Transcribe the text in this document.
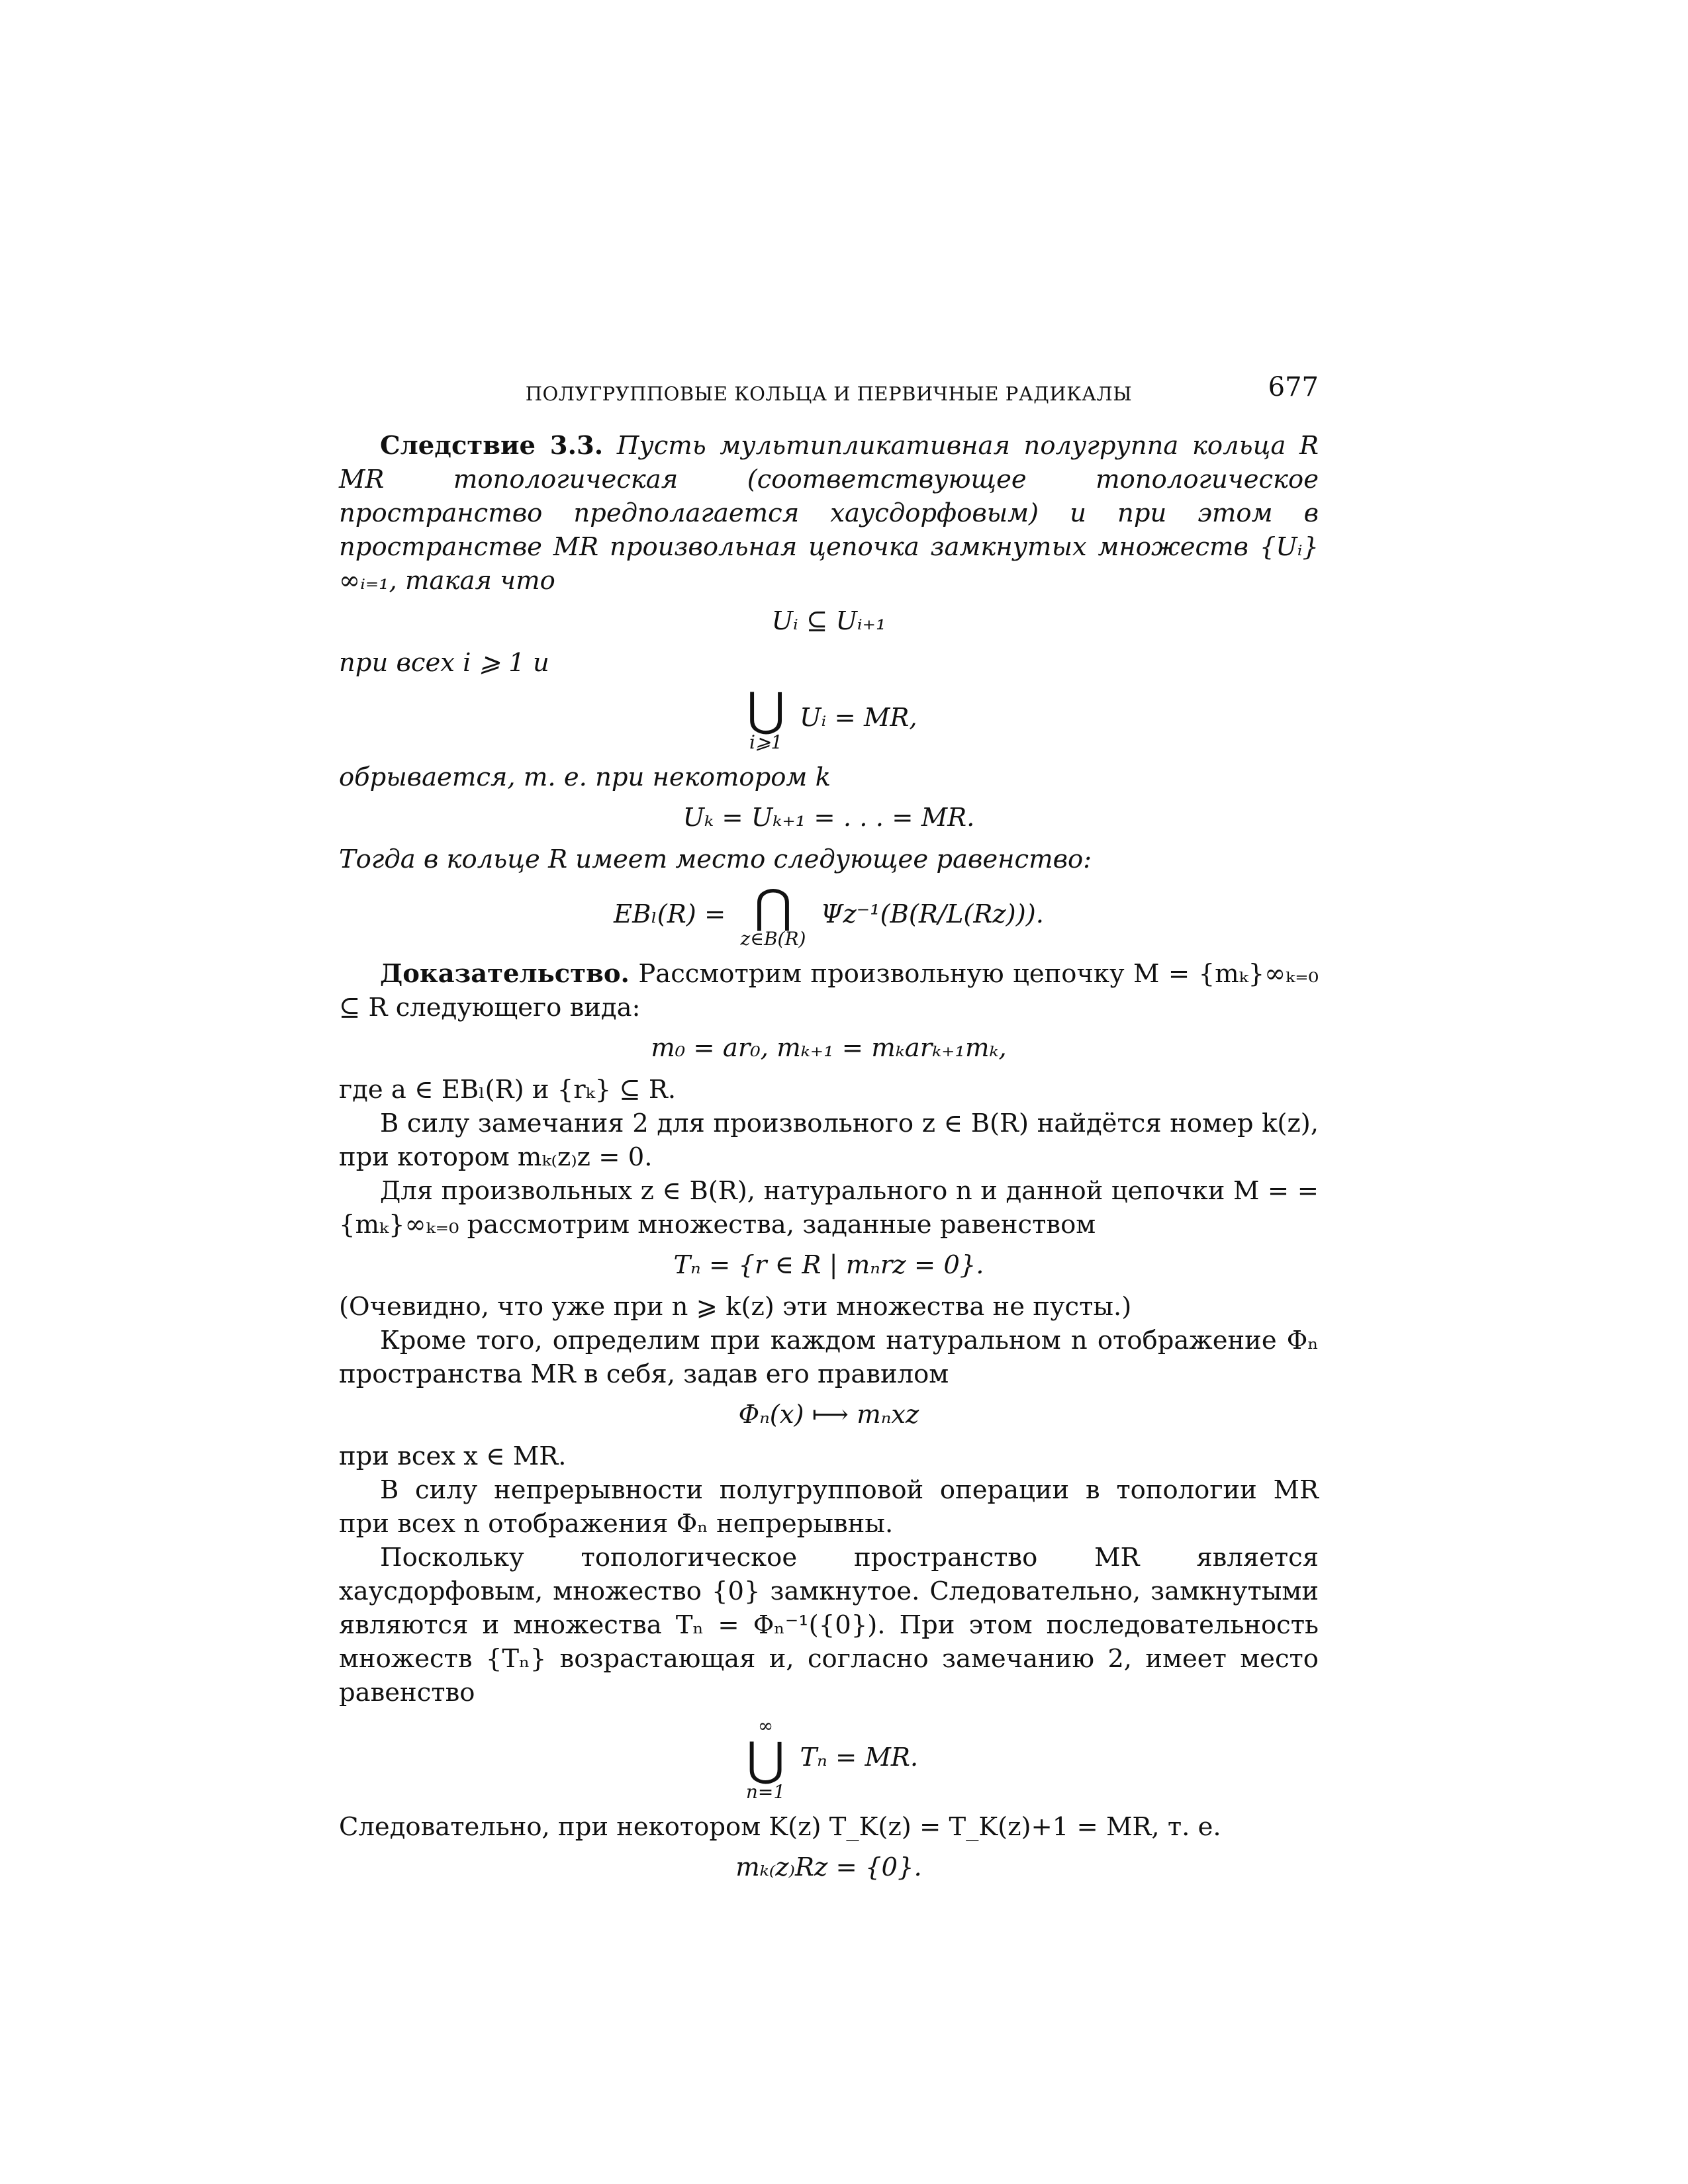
ПОЛУГРУППОВЫЕ КОЛЬЦА И ПЕРВИЧНЫЕ РАДИКАЛЫ	677

Следствие 3.3. Пусть мультипликативная полугруппа кольца R MR топологическая (соответствующее топологическое пространство предполагается хаусдорфовым) и при этом в пространстве MR произвольная цепочка замкнутых множеств {Uᵢ}∞ᵢ₌₁, такая что

Uᵢ ⊆ Uᵢ₊₁

при всех i ⩾ 1 и

⋃
i⩾1
Uᵢ = MR,

обрывается, т. е. при некотором k

Uₖ = Uₖ₊₁ = . . . = MR.

Тогда в кольце R имеет место следующее равенство:

EBₗ(R) = ⋂
z∈B(R)
Ψz⁻¹(B(R/L(Rz))).

Доказательство. Рассмотрим произвольную цепочку M = {mₖ}∞ₖ₌₀ ⊆ R следующего вида:

m₀ = ar₀, mₖ₊₁ = mₖarₖ₊₁mₖ,

где a ∈ EBₗ(R) и {rₖ} ⊆ R.

В силу замечания 2 для произвольного z ∈ B(R) найдётся номер k(z), при котором mₖ₍z₎z = 0.

Для произвольных z ∈ B(R), натурального n и данной цепочки M = = {mₖ}∞ₖ₌₀ рассмотрим множества, заданные равенством

Tₙ = {r ∈ R | mₙrz = 0}.

(Очевидно, что уже при n ⩾ k(z) эти множества не пусты.)

Кроме того, определим при каждом натуральном n отображение Φₙ пространства MR в себя, задав его правилом

Φₙ(x) ⟼ mₙxz

при всех x ∈ MR.

В силу непрерывности полугрупповой операции в топологии MR при всех n отображения Φₙ непрерывны.

Поскольку топологическое пространство MR является хаусдорфовым, множество {0} замкнутое. Следовательно, замкнутыми являются и множества Tₙ = Φₙ⁻¹({0}). При этом последовательность множеств {Tₙ} возрастающая и, согласно замечанию 2, имеет место равенство

∞
⋃
n=1
Tₙ = MR.

Следовательно, при некотором K(z) T_K(z) = T_K(z)+1 = MR, т. е.

mₖ₍z₎Rz = {0}.
